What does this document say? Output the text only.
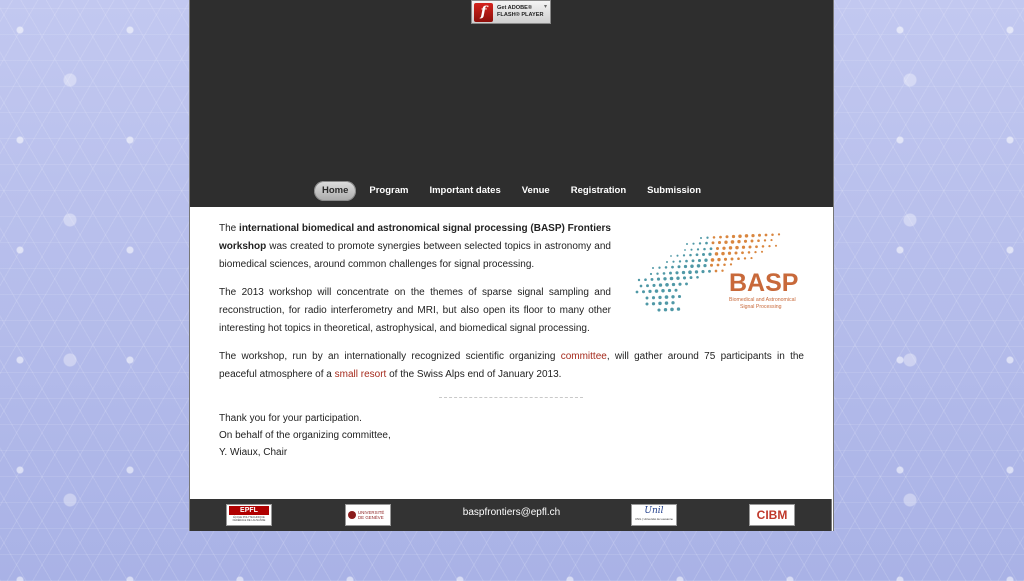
f	Get ADOBE®
FLASH® PLAYER
▾
Home	Program	Important dates	Venue	Registration	Submission

The international biomedical and astronomical signal processing (BASP) Frontiers workshop was created to promote synergies between selected topics in astronomy and biomedical sciences, around common challenges for signal processing.

The 2013 workshop will concentrate on the themes of sparse signal sampling and reconstruction, for radio interferometry and MRI, but also open its floor to many other interesting hot topics in theoretical, astrophysical, and biomedical signal processing.

The workshop, run by an internationally recognized scientific organizing committee, will gather around 75 participants in the peaceful atmosphere of a small resort of the Swiss Alps end of January 2013.

BASP
Biomedical and Astronomical
Signal Processing
Thank you for your participation.
On behalf of the organizing committee,
Y. Wiaux, Chair
EPFL
ÉCOLE POLYTECHNIQUE FÉDÉRALE DE LAUSANNE
UNIVERSITÉ DE GENÈVE	baspfrontiers@epfl.ch	Unil
UNIL | Université de Lausanne	CIBM
